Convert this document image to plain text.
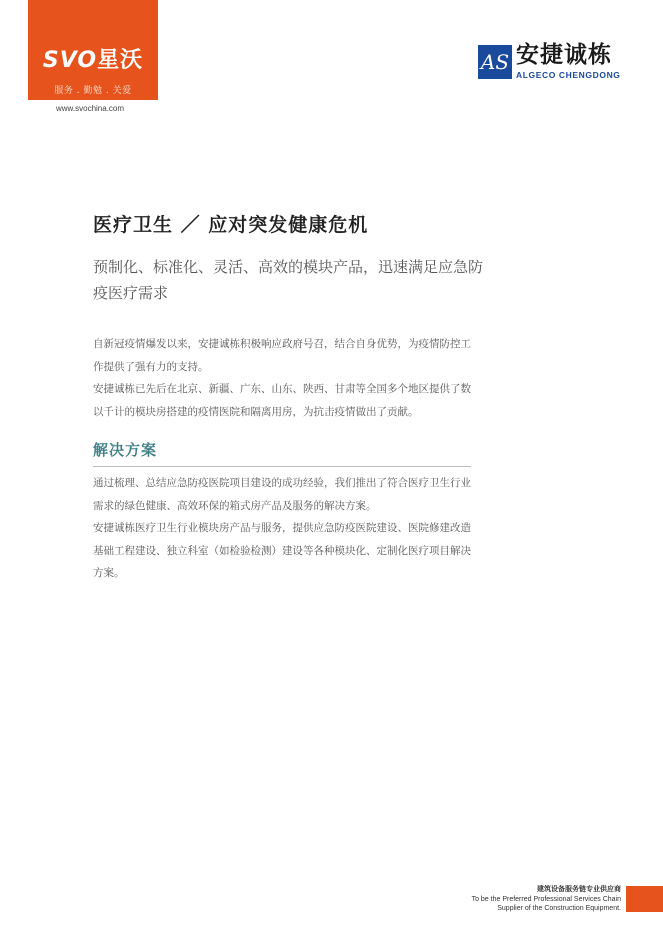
SVO星沃
服务 . 勤勉 . 关爱
www.svochina.com
AS 安捷诚栋
ALGECO CHENGDONG
医疗卫生 ／ 应对突发健康危机
预制化、标准化、灵活、高效的模块产品，迅速满足应急防疫医疗需求
自新冠疫情爆发以来，安捷诚栋积极响应政府号召，结合自身优势，为疫情防控工作提供了强有力的支持。
安捷诚栋已先后在北京、新疆、广东、山东、陕西、甘肃等全国多个地区提供了数以千计的模块房搭建的疫情医院和隔离用房，为抗击疫情做出了贡献。
解决方案
通过梳理、总结应急防疫医院项目建设的成功经验，我们推出了符合医疗卫生行业需求的绿色健康、高效环保的箱式房产品及服务的解决方案。
安捷诚栋医疗卫生行业模块房产品与服务，提供应急防疫医院建设、医院修建改造基础工程建设、独立科室（如检验检测）建设等各种模块化、定制化医疗项目解决方案。
建筑设备服务链专业供应商
To be the Preferred Professional Services Chain
Supplier of the Construction Equipment.
